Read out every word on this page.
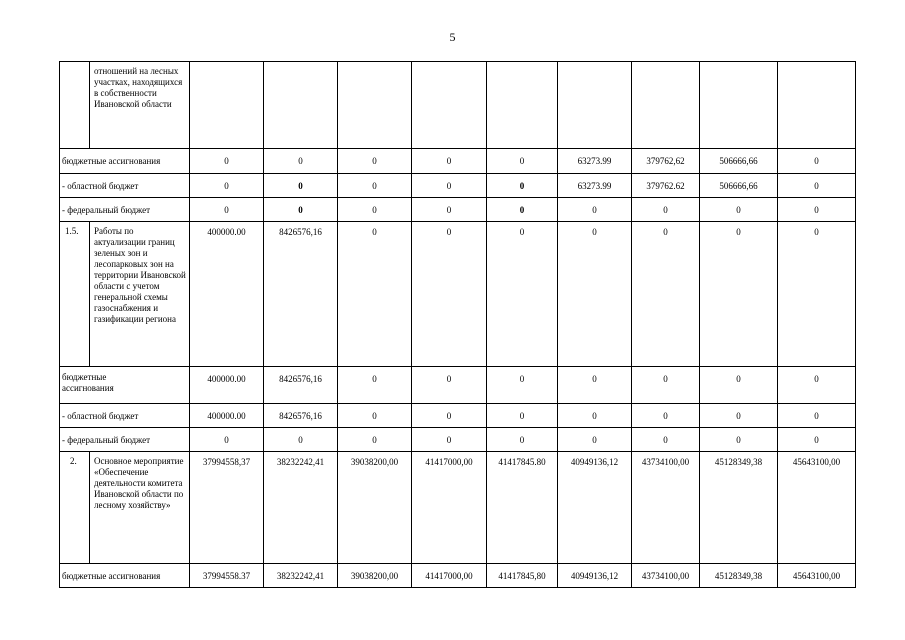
5
	отношений на лесных участках, находящихся в собственности Ивановской области									
бюджетные ассигнования		0	0	0	0	0	63273.99	379762,62	506666,66	0
- областной бюджет		0	0	0	0	0	63273.99	379762.62	506666,66	0
- федеральный бюджет		0	0	0	0	0	0	0	0	0
1.5.	Работы по актуализации границ зеленых зон и лесопарковых зон на территории Ивановской области с учетом генеральной схемы газоснабжения и газификации региона	400000.00	8426576,16	0	0	0	0	0	0	0
бюджетные ассигнования		400000.00	8426576,16	0	0	0	0	0	0	0
- областной бюджет		400000.00	8426576,16	0	0	0	0	0	0	0
- федеральный бюджет		0	0	0	0	0	0	0	0	0
2.	Основное мероприятие «Обеспечение деятельности комитета Ивановской области по лесному хозяйству»	37994558,37	38232242,41	39038200,00	41417000,00	41417845.80	40949136,12	43734100,00	45128349,38	45643100,00
бюджетные ассигнования		37994558.37	38232242,41	39038200,00	41417000,00	41417845,80	40949136,12	43734100,00	45128349,38	45643100,00
